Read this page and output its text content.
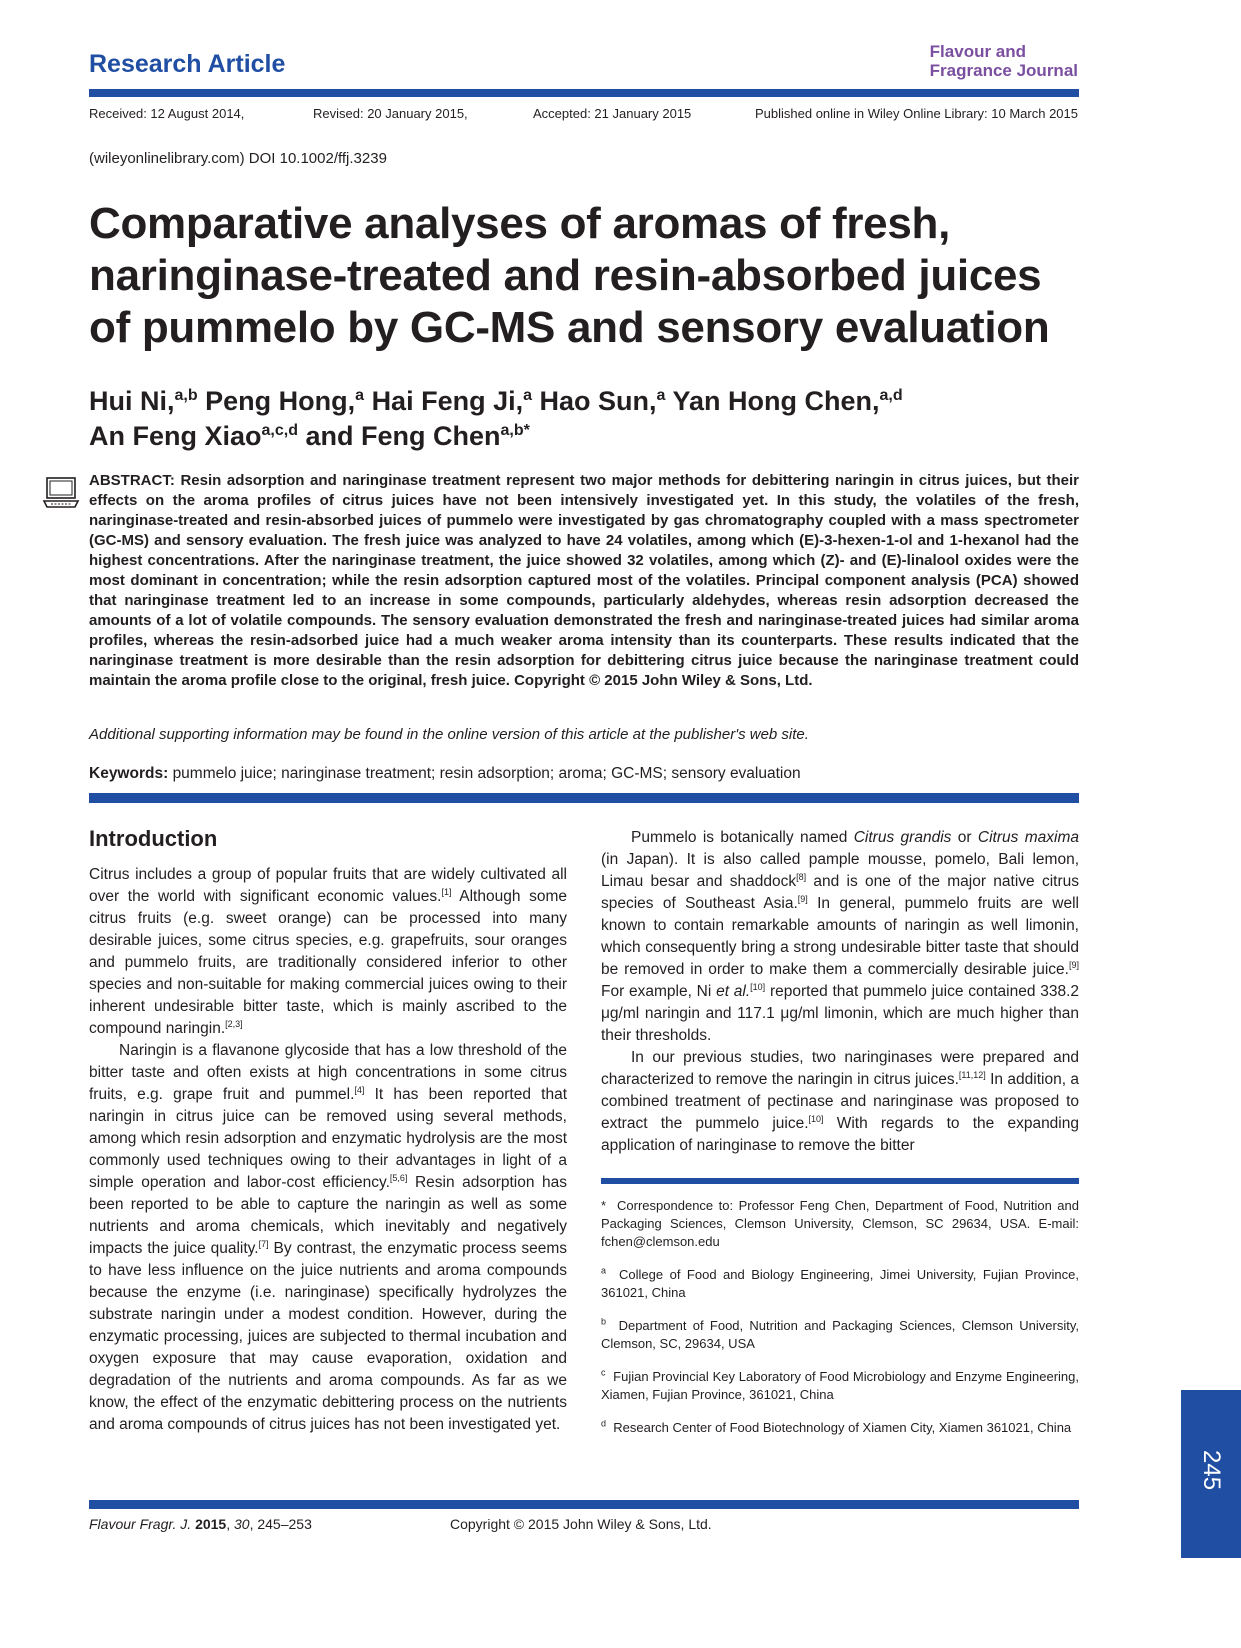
Research Article	Flavour and
Fragrance Journal
Received: 12 August 2014,	Revised: 20 January 2015,	Accepted: 21 January 2015	Published online in Wiley Online Library: 10 March 2015
(wileyonlinelibrary.com) DOI 10.1002/ffj.3239
Comparative analyses of aromas of fresh, naringinase-treated and resin-absorbed juices of pummelo by GC-MS and sensory evaluation
Hui Ni,$^{a,b}$ Peng Hong,$^a$ Hai Feng Ji,$^a$ Hao Sun,$^a$ Yan Hong Chen,$^{a,d}$
An Feng Xiao$^{a,c,d}$ and Feng Chen$^{a,b*}$
ABSTRACT: Resin adsorption and naringinase treatment represent two major methods for debittering naringin in citrus juices, but their effects on the aroma profiles of citrus juices have not been intensively investigated yet. In this study, the volatiles of the fresh, naringinase-treated and resin-absorbed juices of pummelo were investigated by gas chromatography coupled with a mass spectrometer (GC-MS) and sensory evaluation. The fresh juice was analyzed to have 24 volatiles, among which (E)-3-hexen-1-ol and 1-hexanol had the highest concentrations. After the naringinase treatment, the juice showed 32 volatiles, among which (Z)- and (E)-linalool oxides were the most dominant in concentration; while the resin adsorption captured most of the volatiles. Principal component analysis (PCA) showed that naringinase treatment led to an increase in some compounds, particularly aldehydes, whereas resin adsorption decreased the amounts of a lot of volatile compounds. The sensory evaluation demonstrated the fresh and naringinase-treated juices had similar aroma profiles, whereas the resin-adsorbed juice had a much weaker aroma intensity than its counterparts. These results indicated that the naringinase treatment is more desirable than the resin adsorption for debittering citrus juice because the naringinase treatment could maintain the aroma profile close to the original, fresh juice. Copyright © 2015 John Wiley & Sons, Ltd.
Additional supporting information may be found in the online version of this article at the publisher's web site.
Keywords: pummelo juice; naringinase treatment; resin adsorption; aroma; GC-MS; sensory evaluation
Introduction

Citrus includes a group of popular fruits that are widely cultivated all over the world with significant economic values.[1] Although some citrus fruits (e.g. sweet orange) can be processed into many desirable juices, some citrus species, e.g. grapefruits, sour oranges and pummelo fruits, are traditionally considered inferior to other species and non-suitable for making commercial juices owing to their inherent undesirable bitter taste, which is mainly ascribed to the compound naringin.[2,3]

Naringin is a flavanone glycoside that has a low threshold of the bitter taste and often exists at high concentrations in some citrus fruits, e.g. grape fruit and pummel.[4] It has been reported that naringin in citrus juice can be removed using several methods, among which resin adsorption and enzymatic hydrolysis are the most commonly used techniques owing to their advantages in light of a simple operation and labor-cost efficiency.[5,6] Resin adsorption has been reported to be able to capture the naringin as well as some nutrients and aroma chemicals, which inevitably and negatively impacts the juice quality.[7] By contrast, the enzymatic process seems to have less influence on the juice nutrients and aroma compounds because the enzyme (i.e. naringinase) specifically hydrolyzes the substrate naringin under a modest condition. However, during the enzymatic processing, juices are subjected to thermal incubation and oxygen exposure that may cause evaporation, oxidation and degradation of the nutrients and aroma compounds. As far as we know, the effect of the enzymatic debittering process on the nutrients and aroma compounds of citrus juices has not been investigated yet.

Pummelo is botanically named Citrus grandis or Citrus maxima (in Japan). It is also called pample mousse, pomelo, Bali lemon, Limau besar and shaddock[8] and is one of the major native citrus species of Southeast Asia.[9] In general, pummelo fruits are well known to contain remarkable amounts of naringin as well limonin, which consequently bring a strong undesirable bitter taste that should be removed in order to make them a commercially desirable juice.[9] For example, Ni et al.[10] reported that pummelo juice contained 338.2 μg/ml naringin and 117.1 μg/ml limonin, which are much higher than their thresholds.

In our previous studies, two naringinases were prepared and characterized to remove the naringin in citrus juices.[11,12] In addition, a combined treatment of pectinase and naringinase was proposed to extract the pummelo juice.[10] With regards to the expanding application of naringinase to remove the bitter

* Correspondence to: Professor Feng Chen, Department of Food, Nutrition and Packaging Sciences, Clemson University, Clemson, SC 29634, USA. E-mail: fchen@clemson.edu

$^a$ College of Food and Biology Engineering, Jimei University, Fujian Province, 361021, China

$^b$ Department of Food, Nutrition and Packaging Sciences, Clemson University, Clemson, SC, 29634, USA

$^c$ Fujian Provincial Key Laboratory of Food Microbiology and Enzyme Engineering, Xiamen, Fujian Province, 361021, China

$^d$ Research Center of Food Biotechnology of Xiamen City, Xiamen 361021, China

Flavour Fragr. J. 2015, 30, 245–253	Copyright © 2015 John Wiley & Sons, Ltd.
245
